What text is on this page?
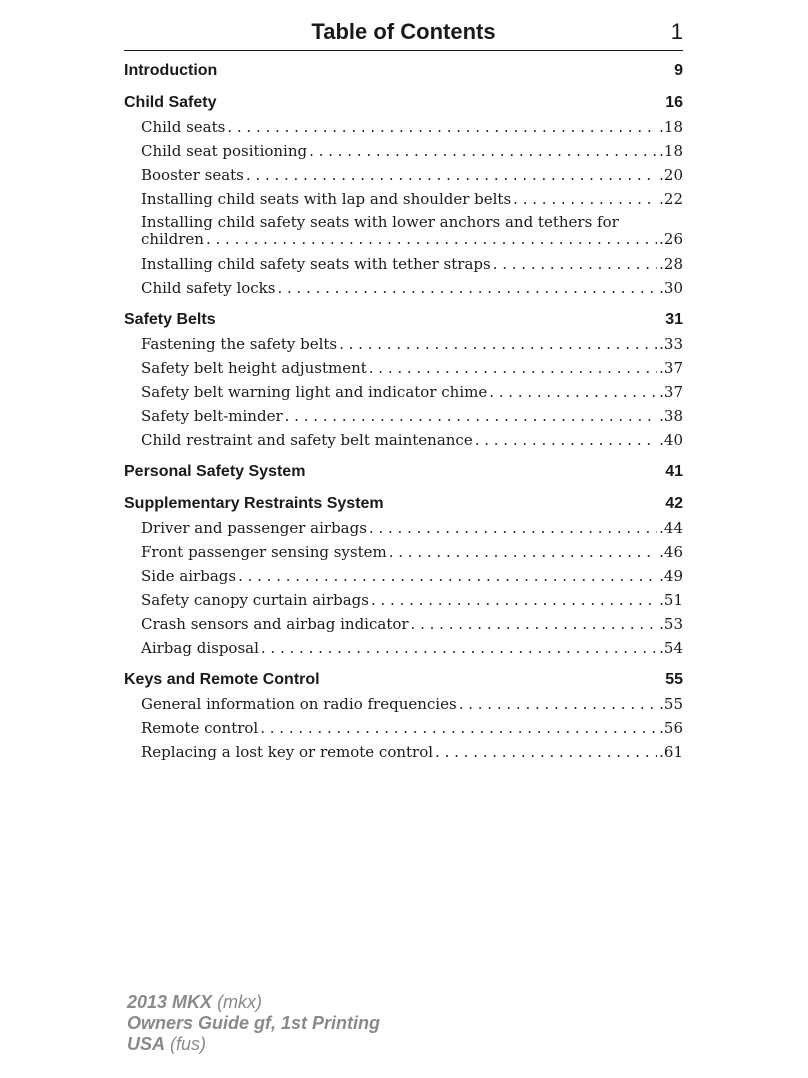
Table of Contents	1
Introduction	9
Child Safety	16
Child seats . . .	.18
Child seat positioning . . .	.18
Booster seats . . .	.20
Installing child seats with lap and shoulder belts . . .	.22
Installing child safety seats with lower anchors and tethers for
children . . .	.26
Installing child safety seats with tether straps . . .	.28
Child safety locks . . .	.30
Safety Belts	31
Fastening the safety belts . . .	.33
Safety belt height adjustment . . .	.37
Safety belt warning light and indicator chime . . .	.37
Safety belt-minder . . .	.38
Child restraint and safety belt maintenance . . .	.40
Personal Safety System	41
Supplementary Restraints System	42
Driver and passenger airbags . . .	.44
Front passenger sensing system . . .	.46
Side airbags . . .	.49
Safety canopy curtain airbags . . .	.51
Crash sensors and airbag indicator . . .	.53
Airbag disposal . . .	.54
Keys and Remote Control	55
General information on radio frequencies . . .	.55
Remote control . . .	.56
Replacing a lost key or remote control . . .	.61
2013 MKX (mkx)
Owners Guide gf, 1st Printing
USA (fus)
